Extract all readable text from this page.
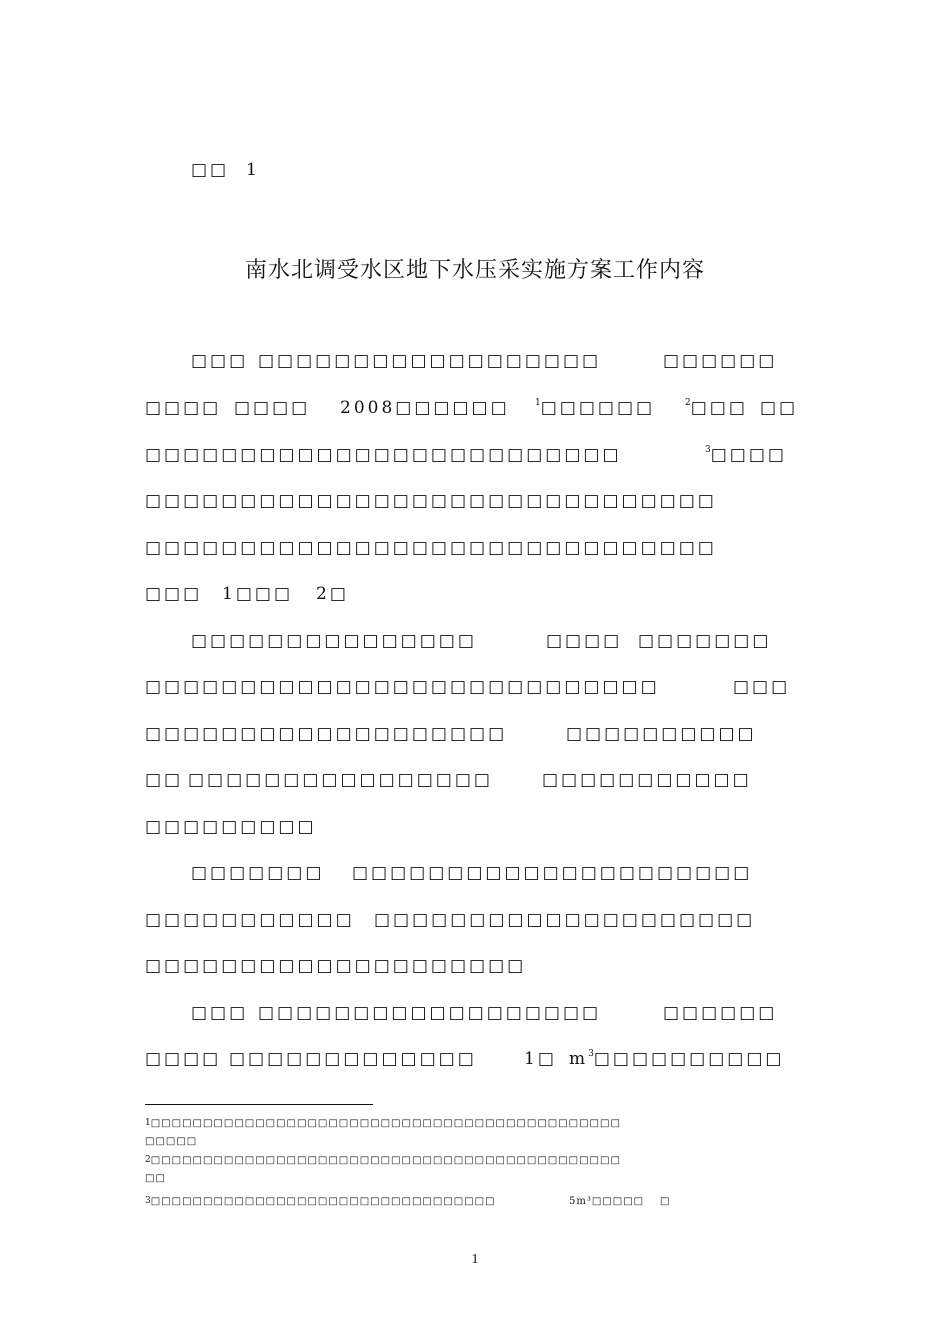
□□ 1
南水北调受水区地下水压采实施方案工作内容
□□□ □□□□□□□□□□□□□□□□□□	□□□□□□
□□□□ □□□□ 2008□□□□□□	$^1$□□□□□□	$^2$□□□ □□
□□□□□□□□□□□□□□□□□□□□□□□□□	$^3$□□□□
□□□□□□□□□□□□□□□□□□□□□□□□□□□□□□
□□□□□□□□□□□□□□□□□□□□□□□□□□□□□□
□□□ 1□□□ 2□
□□□□□□□□□□□□□□□	□□□□ □□□□□□□
□□□□□□□□□□□□□□□□□□□□□□□□□□□	□□□
□□□□□□□□□□□□□□□□□□□	□□□□□□□□□□
□□ □□□□□□□□□□□□□□□□	□□□□□□□□□□□
□□□□□□□□□
□□□□□□□ □□□□□□□□□□□□□□□□□□□□□
□□□□□□□□□□□ □□□□□□□□□□□□□□□□□□□□
□□□□□□□□□□□□□□□□□□□□
□□□ □□□□□□□□□□□□□□□□□□	□□□□□□
□□□□ □□□□□□□□□□□□□	1□ $m^3□□□□□□□□□□$
1□□□□□□□□□□□□□□□□□□□□□□□□□□□□□□□□□□□□□□□□□□□□□
□□□□□
2□□□□□□□□□□□□□□□□□□□□□□□□□□□□□□□□□□□□□□□□□□□□□
□□
3□□□□□□□□□□□□□□□□□□□□□□□□□□□□□□□□□	5m³□□□□□ □
1
